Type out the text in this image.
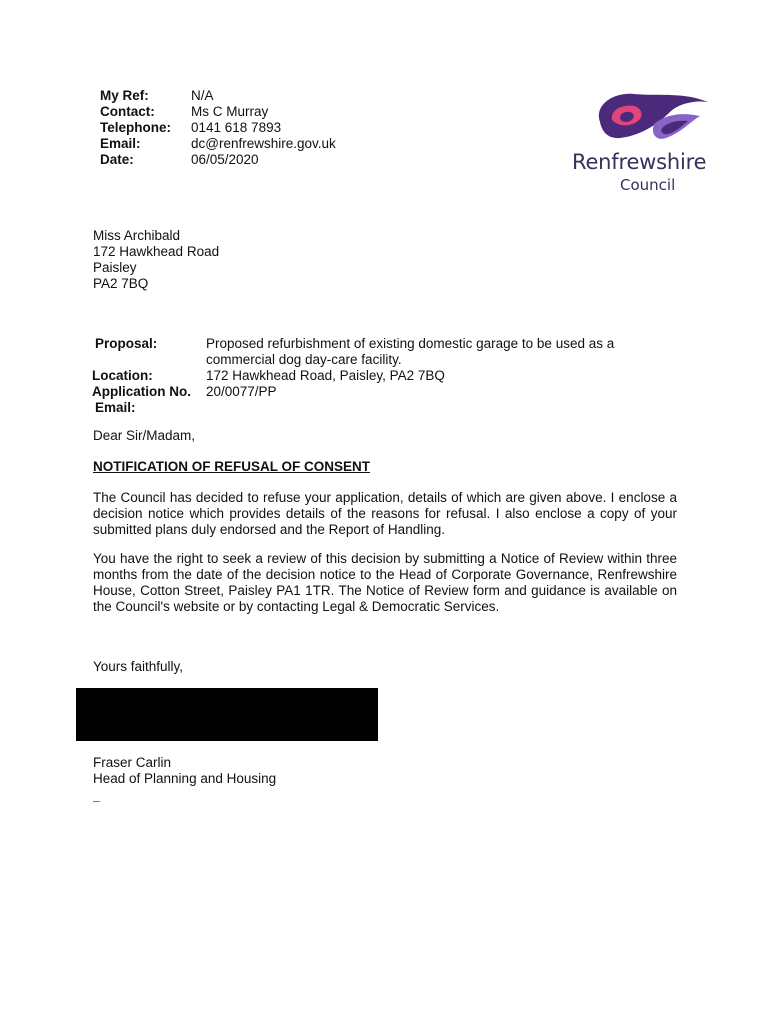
My Ref:	N/A
Contact:	Ms C Murray
Telephone:	0141 618 7893
Email:	dc@renfrewshire.gov.uk
Date:	06/05/2020	Renfrewshire
Council
Miss Archibald
172 Hawkhead Road
Paisley
PA2 7BQ
Proposal:	Proposed refurbishment of existing domestic garage to be used as a commercial dog day-care facility.
Location:	172 Hawkhead Road, Paisley, PA2 7BQ
Application No.	20/0077/PP
Email:
Dear Sir/Madam,
NOTIFICATION OF REFUSAL OF CONSENT
The Council has decided to refuse your application, details of which are given above. I enclose a decision notice which provides details of the reasons for refusal. I also enclose a copy of your submitted plans duly endorsed and the Report of Handling.
You have the right to seek a review of this decision by submitting a Notice of Review within three months from the date of the decision notice to the Head of Corporate Governance, Renfrewshire House, Cotton Street, Paisley PA1 1TR. The Notice of Review form and guidance is available on the Council's website or by contacting Legal & Democratic Services.
Yours faithfully,
Fraser Carlin
Head of Planning and Housing
